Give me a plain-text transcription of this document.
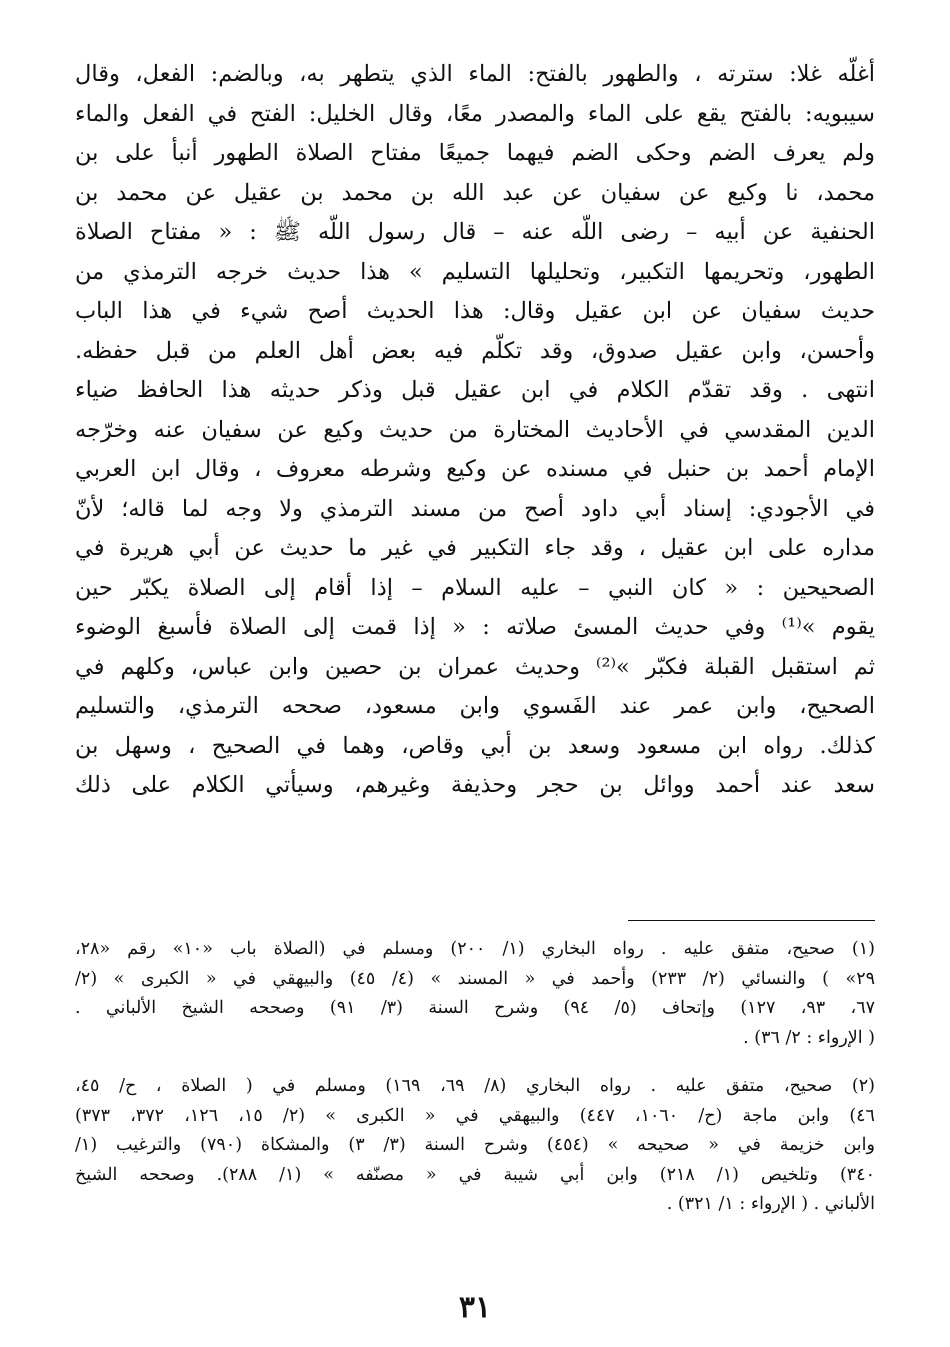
أغلّه غلا: سترته ، والطهور بالفتح: الماء الذي يتطهر به، وبالضم: الفعل، وقال
سيبويه: بالفتح يقع على الماء والمصدر معًا، وقال الخليل: الفتح في الفعل والماء
ولم يعرف الضم وحكى الضم فيهما جميعًا مفتاح الصلاة الطهور أنبأ على بن
محمد، نا وكيع عن سفيان عن عبد الله بن محمد بن عقيل عن محمد بن
الحنفية عن أبيه – رضى اللّه عنه – قال رسول اللّه ﷺ : « مفتاح الصلاة
الطهور، وتحريمها التكبير، وتحليلها التسليم » هذا حديث خرجه الترمذي من
حديث سفيان عن ابن عقيل وقال: هذا الحديث أصح شيء في هذا الباب
وأحسن، وابن عقيل صدوق، وقد تكلّم فيه بعض أهل العلم من قبل حفظه.
انتهى . وقد تقدّم الكلام في ابن عقيل قبل وذكر حديثه هذا الحافظ ضياء
الدين المقدسي في الأحاديث المختارة من حديث وكيع عن سفيان عنه وخرّجه
الإمام أحمد بن حنبل في مسنده عن وكيع وشرطه معروف ، وقال ابن العربي
في الأجودي: إسناد أبي داود أصح من مسند الترمذي ولا وجه لما قاله؛ لأنّ
مداره على ابن عقيل ، وقد جاء التكبير في غير ما حديث عن أبي هريرة في
الصحيحين : « كان النبي – عليه السلام – إذا أقام إلى الصلاة يكبّر حين
يقوم »⁽¹⁾ وفي حديث المسئ صلاته : « إذا قمت إلى الصلاة فأسبغ الوضوء
ثم استقبل القبلة فكبّر »⁽²⁾ وحديث عمران بن حصين وابن عباس، وكلهم في
الصحيح، وابن عمر عند الفَسوي وابن مسعود، صححه الترمذي، والتسليم
كذلك. رواه ابن مسعود وسعد بن أبي وقاص، وهما في الصحيح ، وسهل بن
سعد عند أحمد ووائل بن حجر وحذيفة وغيرهم، وسيأتي الكلام على ذلك
(١) صحيح، متفق عليه . رواه البخاري (١/ ٢٠٠) ومسلم في (الصلاة باب «١٠» رقم «٢٨،
٢٩» ) والنسائي (٢/ ٢٣٣) وأحمد في « المسند » (٤/ ٤٥) والبيهقي في « الكبرى » (٢/
٦٧، ٩٣، ١٢٧) وإتحاف (٥/ ٩٤) وشرح السنة (٣/ ٩١) وصححه الشيخ الألباني .
( الإرواء : ٢/ ٣٦) .
(٢) صحيح، متفق عليه . رواه البخاري (٨/ ٦٩، ١٦٩) ومسلم في ( الصلاة ، ح/ ٤٥،
٤٦) وابن ماجة (ح/ ١٠٦٠، ٤٤٧) والبيهقي في « الكبرى » (٢/ ١٥، ١٢٦، ٣٧٢، ٣٧٣)
وابن خزيمة في « صحيحه » (٤٥٤) وشرح السنة (٣/ ٣) والمشكاة (٧٩٠) والترغيب (١/
٣٤٠) وتلخيص (١/ ٢١٨) وابن أبي شيبة في « مصنّفه » (١/ ٢٨٨). وصححه الشيخ
الألباني . ( الإرواء : ١/ ٣٢١) .
٣١
